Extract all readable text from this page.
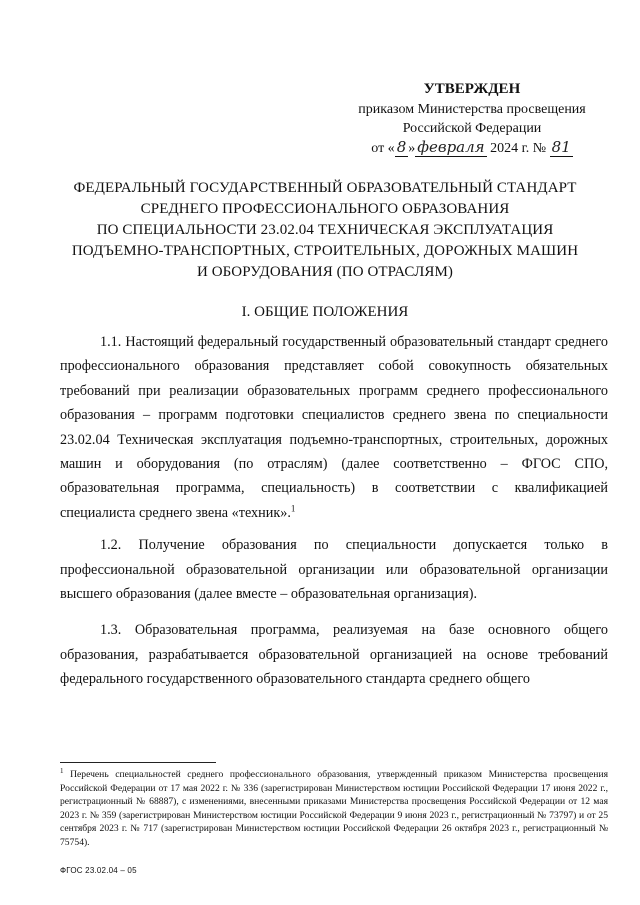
УТВЕРЖДЕН
приказом Министерства просвещения
Российской Федерации
от « 8 » февраля 2024 г. № 81
ФЕДЕРАЛЬНЫЙ ГОСУДАРСТВЕННЫЙ ОБРАЗОВАТЕЛЬНЫЙ СТАНДАРТ
СРЕДНЕГО ПРОФЕССИОНАЛЬНОГО ОБРАЗОВАНИЯ
ПО СПЕЦИАЛЬНОСТИ 23.02.04 ТЕХНИЧЕСКАЯ ЭКСПЛУАТАЦИЯ
ПОДЪЕМНО-ТРАНСПОРТНЫХ, СТРОИТЕЛЬНЫХ, ДОРОЖНЫХ МАШИН
И ОБОРУДОВАНИЯ (ПО ОТРАСЛЯМ)
I. ОБЩИЕ ПОЛОЖЕНИЯ

1.1. Настоящий федеральный государственный образовательный стандарт среднего профессионального образования представляет собой совокупность обязательных требований при реализации образовательных программ среднего профессионального образования – программ подготовки специалистов среднего звена по специальности 23.02.04 Техническая эксплуатация подъемно-транспортных, строительных, дорожных машин и оборудования (по отраслям) (далее соответственно – ФГОС СПО, образовательная программа, специальность) в соответствии с квалификацией специалиста среднего звена «техник».$^1$

1.2. Получение образования по специальности допускается только в профессиональной образовательной организации или образовательной организации высшего образования (далее вместе – образовательная организация).

1.3. Образовательная программа, реализуемая на базе основного общего образования, разрабатывается образовательной организацией на основе требований федерального государственного образовательного стандарта среднего общего

$^1$ Перечень специальностей среднего профессионального образования, утвержденный приказом Министерства просвещения Российской Федерации от 17 мая 2022 г. № 336 (зарегистрирован Министерством юстиции Российской Федерации 17 июня 2022 г., регистрационный № 68887), с изменениями, внесенными приказами Министерства просвещения Российской Федерации от 12 мая 2023 г. № 359 (зарегистрирован Министерством юстиции Российской Федерации 9 июня 2023 г., регистрационный № 73797) и от 25 сентября 2023 г. № 717 (зарегистрирован Министерством юстиции Российской Федерации 26 октября 2023 г., регистрационный № 75754).
ФГОС 23.02.04 – 05
